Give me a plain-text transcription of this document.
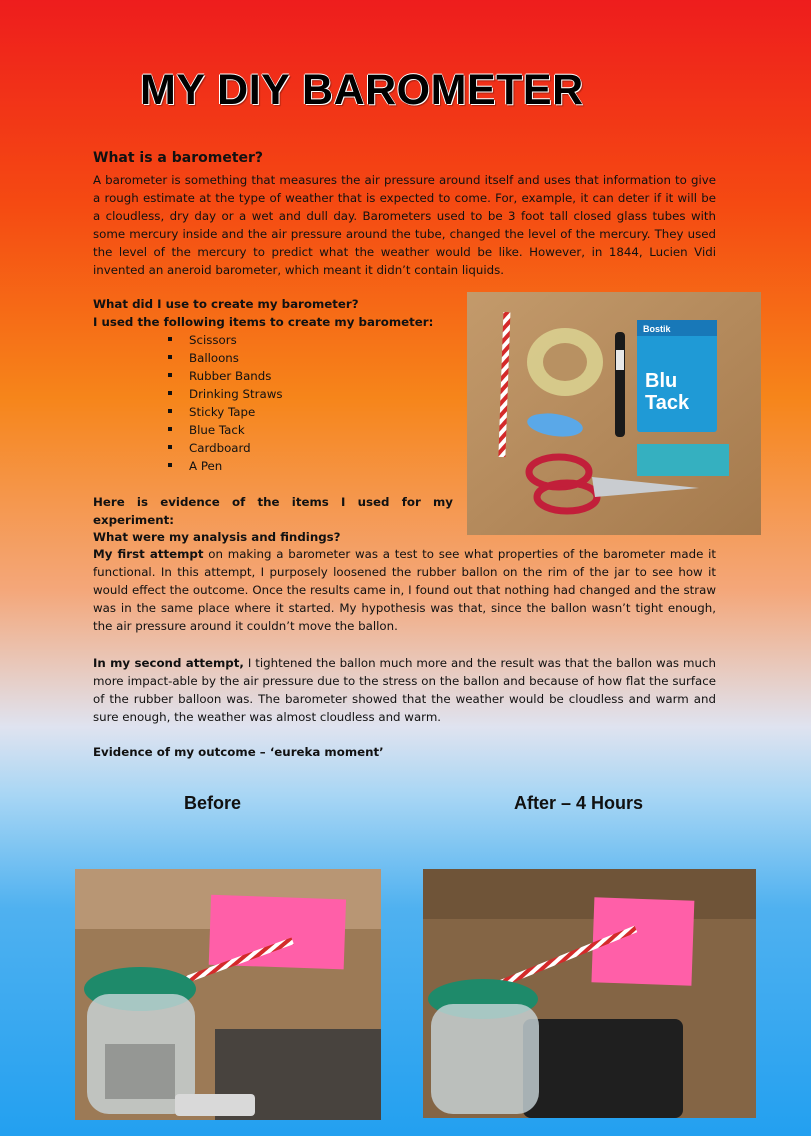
MY DIY BAROMETER
What is a barometer?
A barometer is something that measures the air pressure around itself and uses that information to give a rough estimate at the type of weather that is expected to come. For, example, it can deter if it will be a cloudless, dry day or a wet and dull day. Barometers used to be 3 foot tall closed glass tubes with some mercury inside and the air pressure around the tube, changed the level of the mercury. They used the level of the mercury to predict what the weather would be like. However, in 1844, Lucien Vidi invented an aneroid barometer, which meant it didn’t contain liquids.
What did I use to create my barometer?
I used the following items to create my barometer:
Scissors
Balloons
Rubber Bands
Drinking Straws
Sticky Tape
Blue Tack
Cardboard
A Pen
Here is evidence of the items I used for my experiment:
Bostik
Blu
Tack
What were my analysis and findings?
My first attempt on making a barometer was a test to see what properties of the barometer made it functional. In this attempt, I purposely loosened the rubber ballon on the rim of the jar to see how it would effect the outcome. Once the results came in, I found out that nothing had changed and the straw was in the same place where it started. My hypothesis was that, since the ballon wasn’t tight enough, the air pressure around it couldn’t move the ballon.
In my second attempt, I tightened the ballon much more and the result was that the ballon was much more impact-able by the air pressure due to the stress on the ballon and because of how flat the surface of the rubber balloon was. The barometer showed that the weather would be cloudless and warm and sure enough, the weather was almost cloudless and warm.
Evidence of my outcome – ‘eureka moment’
Before	After – 4 Hours
